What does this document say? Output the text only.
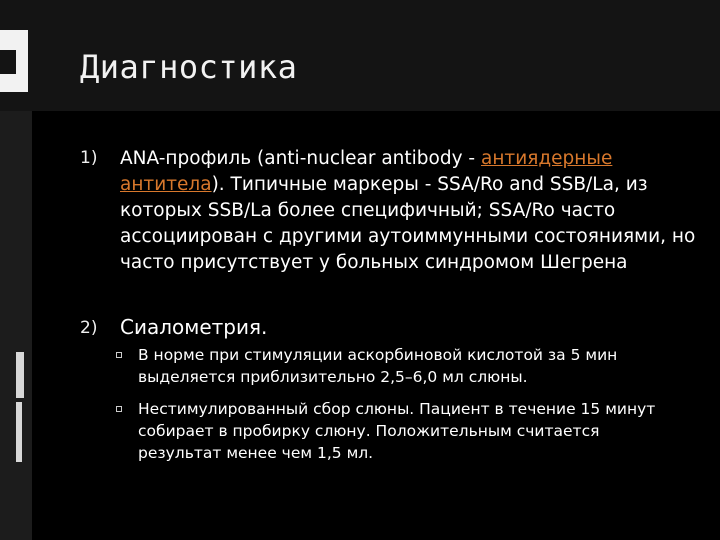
Диагностика
1) ANA-профиль (anti-nuclear antibody - антиядерные антитела). Типичные маркеры - SSA/Ro and SSB/La, из которых SSB/La более специфичный; SSA/Ro часто ассоциирован с другими аутоиммунными состояниями, но часто присутствует у больных синдромом Шегрена
2) Сиалометрия.
В норме при стимуляции аскорбиновой кислотой за 5 мин выделяется приблизительно 2,5–6,0 мл слюны.
Нестимулированный сбор слюны. Пациент в течение 15 минут собирает в пробирку слюну. Положительным считается результат менее чем 1,5 мл.
